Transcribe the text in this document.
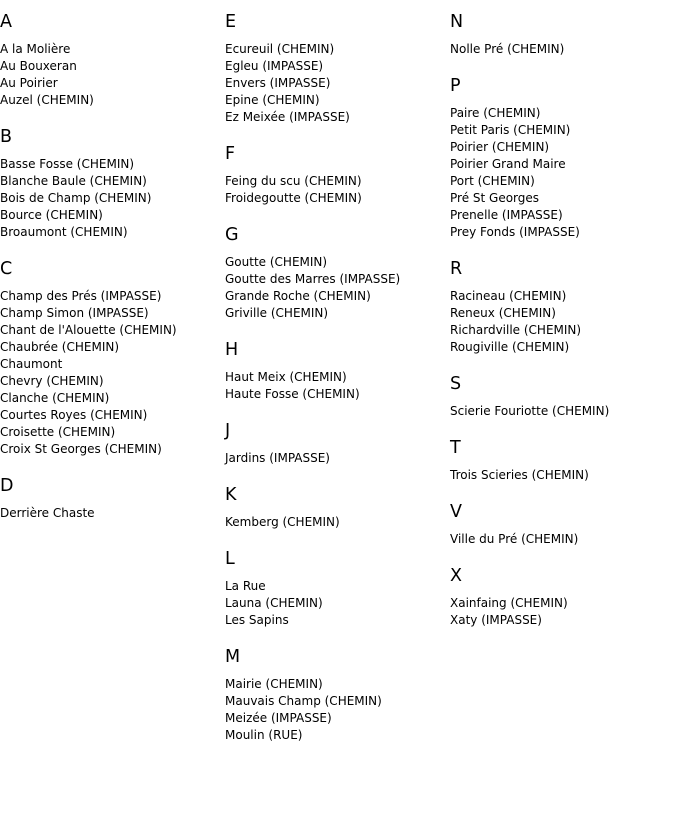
A
A la Molière
Au Bouxeran
Au Poirier
Auzel (CHEMIN)
B
Basse Fosse (CHEMIN)
Blanche Baule (CHEMIN)
Bois de Champ (CHEMIN)
Bource (CHEMIN)
Broaumont (CHEMIN)
C
Champ des Prés (IMPASSE)
Champ Simon (IMPASSE)
Chant de l'Alouette (CHEMIN)
Chaubrée (CHEMIN)
Chaumont
Chevry (CHEMIN)
Clanche (CHEMIN)
Courtes Royes (CHEMIN)
Croisette (CHEMIN)
Croix St Georges (CHEMIN)
D
Derrière Chaste
E
Ecureuil (CHEMIN)
Egleu (IMPASSE)
Envers (IMPASSE)
Epine (CHEMIN)
Ez Meixée (IMPASSE)
F
Feing du scu (CHEMIN)
Froidegoutte (CHEMIN)
G
Goutte (CHEMIN)
Goutte des Marres (IMPASSE)
Grande Roche (CHEMIN)
Griville (CHEMIN)
H
Haut Meix (CHEMIN)
Haute Fosse (CHEMIN)
J
Jardins (IMPASSE)
K
Kemberg (CHEMIN)
L
La Rue
Launa (CHEMIN)
Les Sapins
M
Mairie (CHEMIN)
Mauvais Champ (CHEMIN)
Meizée (IMPASSE)
Moulin (RUE)
N
Nolle Pré (CHEMIN)
P
Paire (CHEMIN)
Petit Paris (CHEMIN)
Poirier (CHEMIN)
Poirier Grand Maire
Port (CHEMIN)
Pré St Georges
Prenelle (IMPASSE)
Prey Fonds (IMPASSE)
R
Racineau (CHEMIN)
Reneux (CHEMIN)
Richardville (CHEMIN)
Rougiville (CHEMIN)
S
Scierie Fouriotte (CHEMIN)
T
Trois Scieries (CHEMIN)
V
Ville du Pré (CHEMIN)
X
Xainfaing (CHEMIN)
Xaty (IMPASSE)
